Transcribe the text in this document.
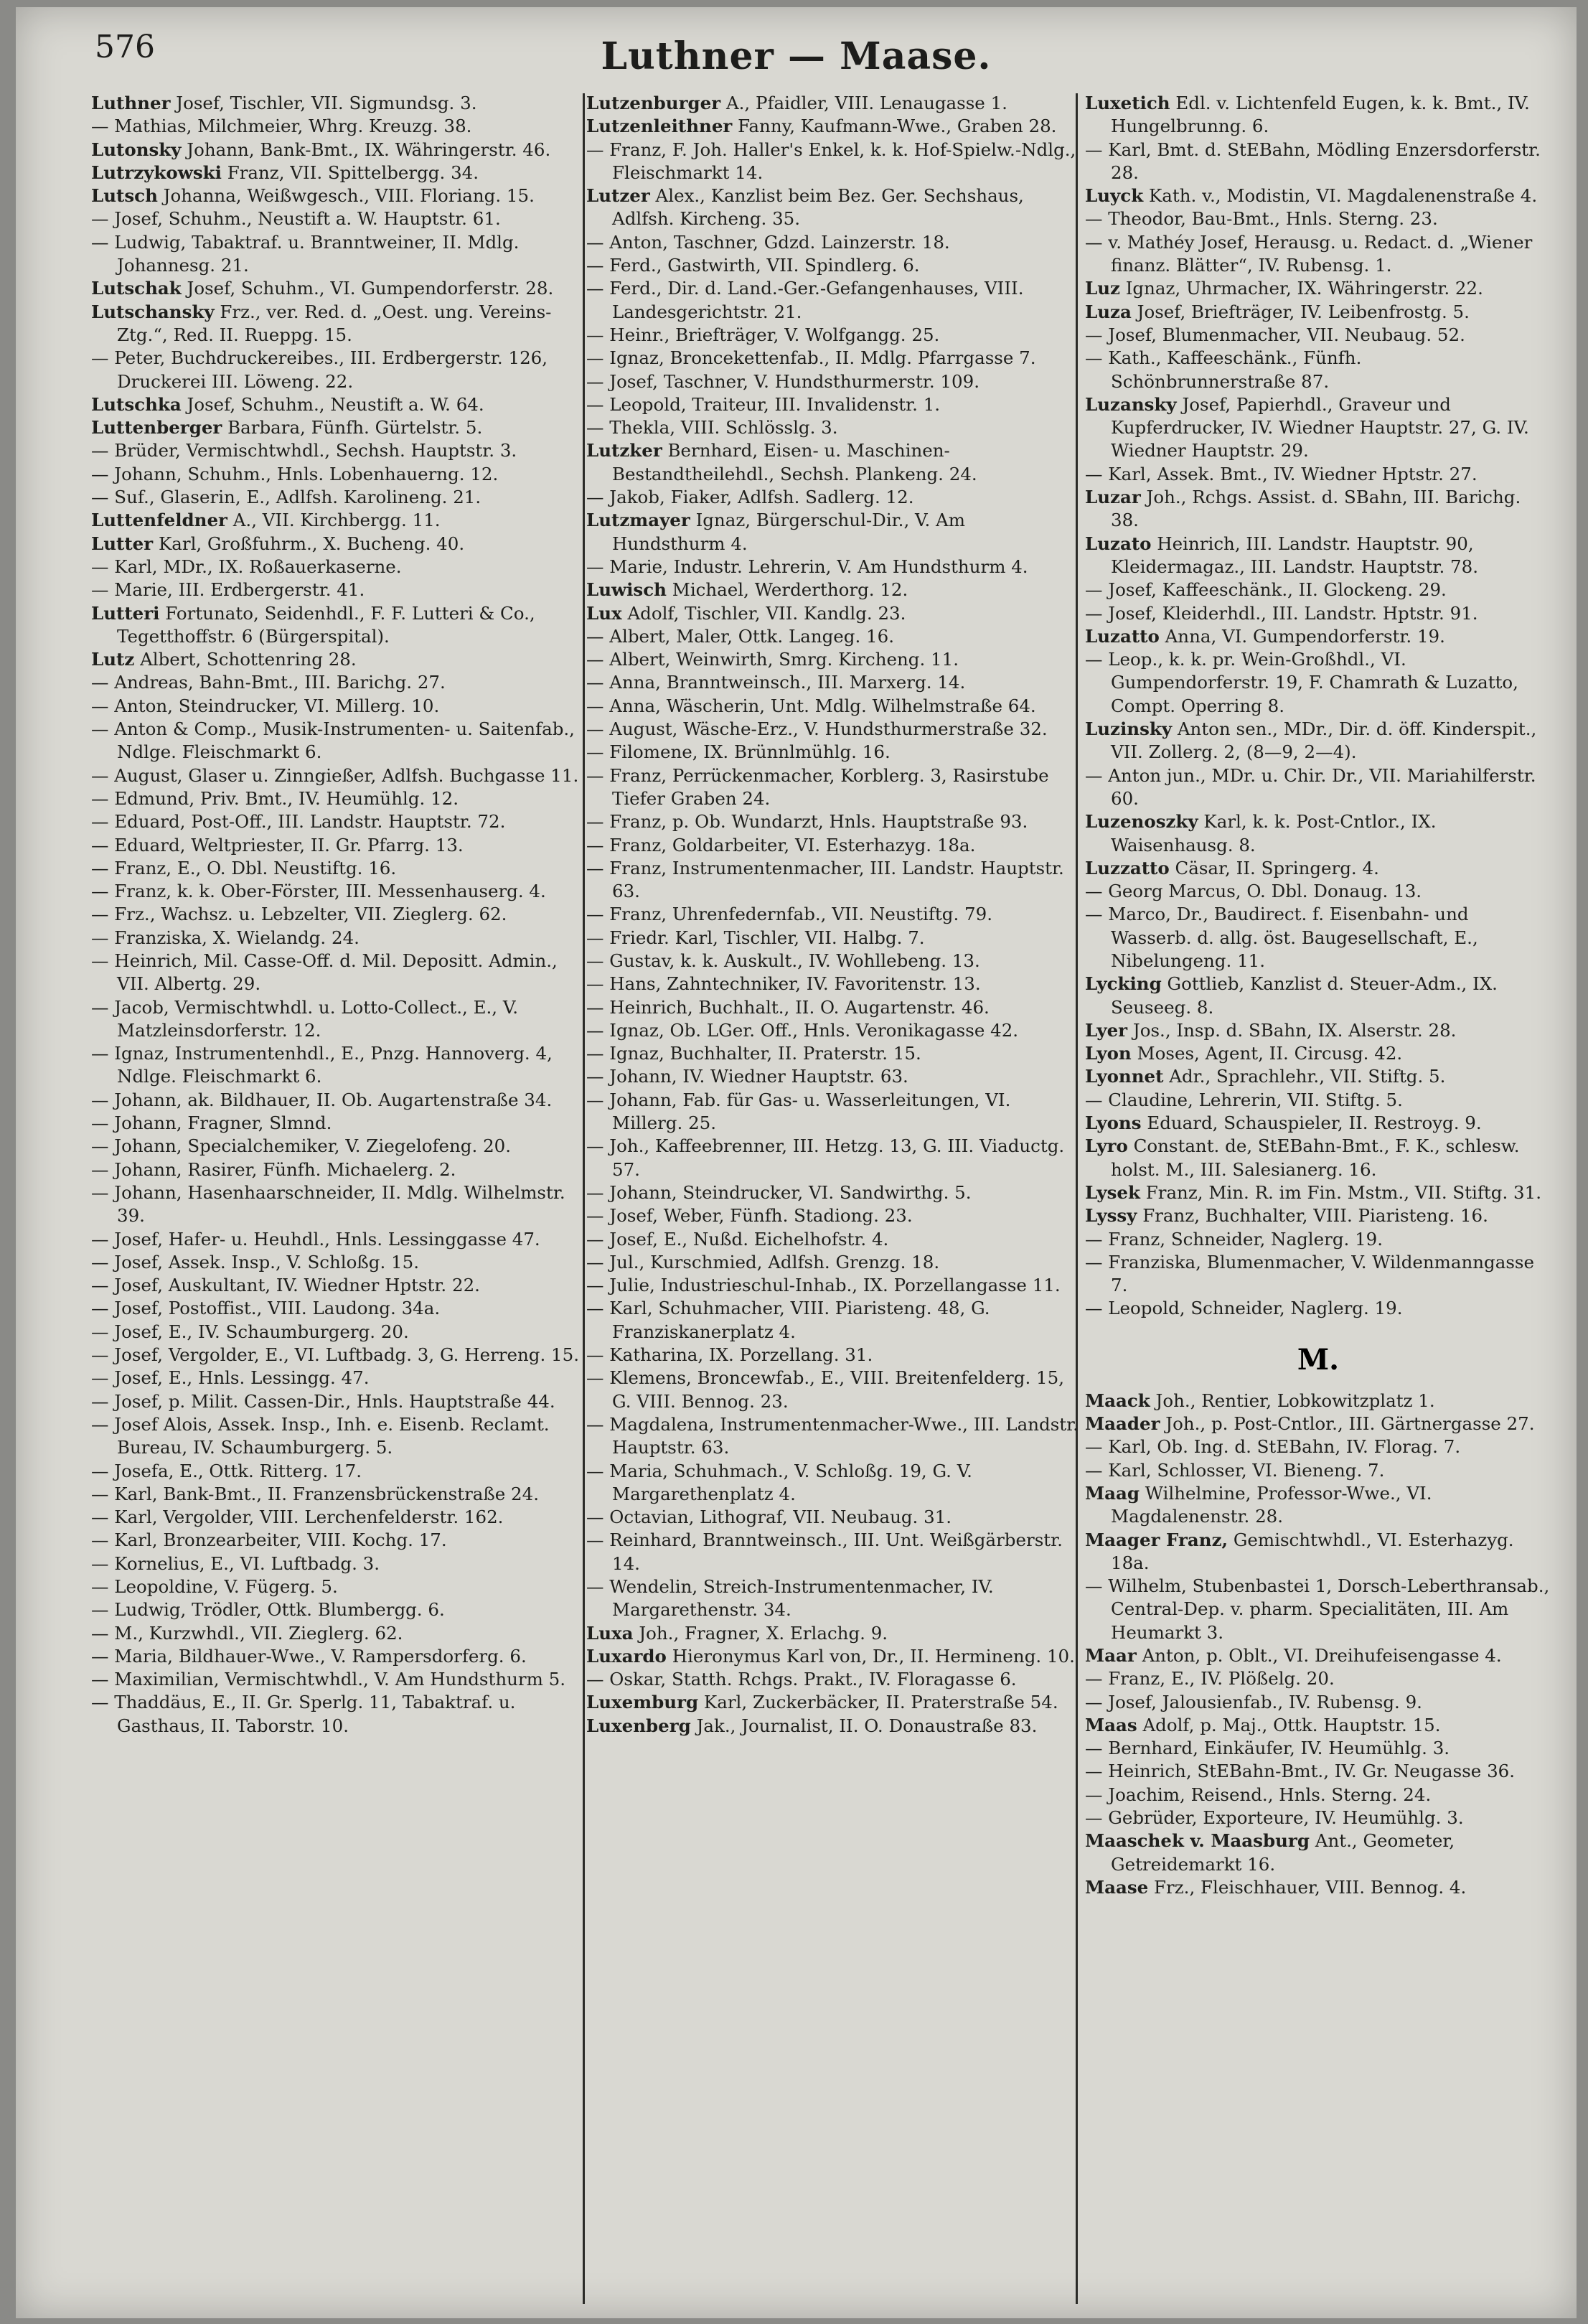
576	Luthner — Maase.
Luthner Josef, Tischler, VII. Sigmundsg. 3.
— Mathias, Milchmeier, Whrg. Kreuzg. 38.
Lutonsky Johann, Bank-Bmt., IX. Währingerstr. 46.
Lutrzykowski Franz, VII. Spittelbergg. 34.
Lutsch Johanna, Weißwgesch., VIII. Floriang. 15.
— Josef, Schuhm., Neustift a. W. Hauptstr. 61.
— Ludwig, Tabaktraf. u. Branntweiner, II. Mdlg. Johannesg. 21.
Lutschak Josef, Schuhm., VI. Gumpendorferstr. 28.
Lutschansky Frz., ver. Red. d. „Oest. ung. Vereins-Ztg.“, Red. II. Rueppg. 15.
— Peter, Buchdruckereibes., III. Erdbergerstr. 126, Druckerei III. Löweng. 22.
Lutschka Josef, Schuhm., Neustift a. W. 64.
Luttenberger Barbara, Fünfh. Gürtelstr. 5.
— Brüder, Vermischtwhdl., Sechsh. Hauptstr. 3.
— Johann, Schuhm., Hnls. Lobenhauerng. 12.
— Suf., Glaserin, E., Adlfsh. Karolineng. 21.
Luttenfeldner A., VII. Kirchbergg. 11.
Lutter Karl, Großfuhrm., X. Bucheng. 40.
— Karl, MDr., IX. Roßauerkaserne.
— Marie, III. Erdbergerstr. 41.
Lutteri Fortunato, Seidenhdl., F. F. Lutteri & Co., Tegetthoffstr. 6 (Bürgerspital).
Lutz Albert, Schottenring 28.
— Andreas, Bahn-Bmt., III. Barichg. 27.
— Anton, Steindrucker, VI. Millerg. 10.
— Anton & Comp., Musik-Instrumenten- u. Saitenfab., Ndlge. Fleischmarkt 6.
— August, Glaser u. Zinngießer, Adlfsh. Buchgasse 11.
— Edmund, Priv. Bmt., IV. Heumühlg. 12.
— Eduard, Post-Off., III. Landstr. Hauptstr. 72.
— Eduard, Weltpriester, II. Gr. Pfarrg. 13.
— Franz, E., O. Dbl. Neustiftg. 16.
— Franz, k. k. Ober-Förster, III. Messenhauserg. 4.
— Frz., Wachsz. u. Lebzelter, VII. Zieglerg. 62.
— Franziska, X. Wielandg. 24.
— Heinrich, Mil. Casse-Off. d. Mil. Depositt. Admin., VII. Albertg. 29.
— Jacob, Vermischtwhdl. u. Lotto-Collect., E., V. Matzleinsdorferstr. 12.
— Ignaz, Instrumentenhdl., E., Pnzg. Hannoverg. 4, Ndlge. Fleischmarkt 6.
— Johann, ak. Bildhauer, II. Ob. Augartenstraße 34.
— Johann, Fragner, Slmnd.
— Johann, Specialchemiker, V. Ziegelofeng. 20.
— Johann, Rasirer, Fünfh. Michaelerg. 2.
— Johann, Hasenhaarschneider, II. Mdlg. Wilhelmstr. 39.
— Josef, Hafer- u. Heuhdl., Hnls. Lessinggasse 47.
— Josef, Assek. Insp., V. Schloßg. 15.
— Josef, Auskultant, IV. Wiedner Hptstr. 22.
— Josef, Postoffist., VIII. Laudong. 34a.
— Josef, E., IV. Schaumburgerg. 20.
— Josef, Vergolder, E., VI. Luftbadg. 3, G. Herreng. 15.
— Josef, E., Hnls. Lessingg. 47.
— Josef, p. Milit. Cassen-Dir., Hnls. Hauptstraße 44.
— Josef Alois, Assek. Insp., Inh. e. Eisenb. Reclamt. Bureau, IV. Schaumburgerg. 5.
— Josefa, E., Ottk. Ritterg. 17.
— Karl, Bank-Bmt., II. Franzensbrückenstraße 24.
— Karl, Vergolder, VIII. Lerchenfelderstr. 162.
— Karl, Bronzearbeiter, VIII. Kochg. 17.
— Kornelius, E., VI. Luftbadg. 3.
— Leopoldine, V. Fügerg. 5.
— Ludwig, Trödler, Ottk. Blumbergg. 6.
— M., Kurzwhdl., VII. Zieglerg. 62.
— Maria, Bildhauer-Wwe., V. Rampersdorferg. 6.
— Maximilian, Vermischtwhdl., V. Am Hundsthurm 5.
— Thaddäus, E., II. Gr. Sperlg. 11, Tabaktraf. u. Gasthaus, II. Taborstr. 10.
Lutzenburger A., Pfaidler, VIII. Lenaugasse 1.
Lutzenleithner Fanny, Kaufmann-Wwe., Graben 28.
— Franz, F. Joh. Haller's Enkel, k. k. Hof-Spielw.-Ndlg., Fleischmarkt 14.
Lutzer Alex., Kanzlist beim Bez. Ger. Sechshaus, Adlfsh. Kircheng. 35.
— Anton, Taschner, Gdzd. Lainzerstr. 18.
— Ferd., Gastwirth, VII. Spindlerg. 6.
— Ferd., Dir. d. Land.-Ger.-Gefangenhauses, VIII. Landesgerichtstr. 21.
— Heinr., Briefträger, V. Wolfgangg. 25.
— Ignaz, Broncekettenfab., II. Mdlg. Pfarrgasse 7.
— Josef, Taschner, V. Hundsthurmerstr. 109.
— Leopold, Traiteur, III. Invalidenstr. 1.
— Thekla, VIII. Schlösslg. 3.
Lutzker Bernhard, Eisen- u. Maschinen-Bestandtheilehdl., Sechsh. Plankeng. 24.
— Jakob, Fiaker, Adlfsh. Sadlerg. 12.
Lutzmayer Ignaz, Bürgerschul-Dir., V. Am Hundsthurm 4.
— Marie, Industr. Lehrerin, V. Am Hundsthurm 4.
Luwisch Michael, Werderthorg. 12.
Lux Adolf, Tischler, VII. Kandlg. 23.
— Albert, Maler, Ottk. Langeg. 16.
— Albert, Weinwirth, Smrg. Kircheng. 11.
— Anna, Branntweinsch., III. Marxerg. 14.
— Anna, Wäscherin, Unt. Mdlg. Wilhelmstraße 64.
— August, Wäsche-Erz., V. Hundsthurmerstraße 32.
— Filomene, IX. Brünnlmühlg. 16.
— Franz, Perrückenmacher, Korblerg. 3, Rasirstube Tiefer Graben 24.
— Franz, p. Ob. Wundarzt, Hnls. Hauptstraße 93.
— Franz, Goldarbeiter, VI. Esterhazyg. 18a.
— Franz, Instrumentenmacher, III. Landstr. Hauptstr. 63.
— Franz, Uhrenfedernfab., VII. Neustiftg. 79.
— Friedr. Karl, Tischler, VII. Halbg. 7.
— Gustav, k. k. Auskult., IV. Wohllebeng. 13.
— Hans, Zahntechniker, IV. Favoritenstr. 13.
— Heinrich, Buchhalt., II. O. Augartenstr. 46.
— Ignaz, Ob. LGer. Off., Hnls. Veronikagasse 42.
— Ignaz, Buchhalter, II. Praterstr. 15.
— Johann, IV. Wiedner Hauptstr. 63.
— Johann, Fab. für Gas- u. Wasserleitungen, VI. Millerg. 25.
— Joh., Kaffeebrenner, III. Hetzg. 13, G. III. Viaductg. 57.
— Johann, Steindrucker, VI. Sandwirthg. 5.
— Josef, Weber, Fünfh. Stadiong. 23.
— Josef, E., Nußd. Eichelhofstr. 4.
— Jul., Kurschmied, Adlfsh. Grenzg. 18.
— Julie, Industrieschul-Inhab., IX. Porzellangasse 11.
— Karl, Schuhmacher, VIII. Piaristeng. 48, G. Franziskanerplatz 4.
— Katharina, IX. Porzellang. 31.
— Klemens, Broncewfab., E., VIII. Breitenfelderg. 15, G. VIII. Bennog. 23.
— Magdalena, Instrumentenmacher-Wwe., III. Landstr. Hauptstr. 63.
— Maria, Schuhmach., V. Schloßg. 19, G. V. Margarethenplatz 4.
— Octavian, Lithograf, VII. Neubaug. 31.
— Reinhard, Branntweinsch., III. Unt. Weißgärberstr. 14.
— Wendelin, Streich-Instrumentenmacher, IV. Margarethenstr. 34.
Luxa Joh., Fragner, X. Erlachg. 9.
Luxardo Hieronymus Karl von, Dr., II. Hermineng. 10.
— Oskar, Statth. Rchgs. Prakt., IV. Floragasse 6.
Luxemburg Karl, Zuckerbäcker, II. Praterstraße 54.
Luxenberg Jak., Journalist, II. O. Donaustraße 83.
Luxetich Edl. v. Lichtenfeld Eugen, k. k. Bmt., IV. Hungelbrunng. 6.
— Karl, Bmt. d. StEBahn, Mödling Enzersdorferstr. 28.
Luyck Kath. v., Modistin, VI. Magdalenenstraße 4.
— Theodor, Bau-Bmt., Hnls. Sterng. 23.
— v. Mathéy Josef, Herausg. u. Redact. d. „Wiener finanz. Blätter“, IV. Rubensg. 1.
Luz Ignaz, Uhrmacher, IX. Währingerstr. 22.
Luza Josef, Briefträger, IV. Leibenfrostg. 5.
— Josef, Blumenmacher, VII. Neubaug. 52.
— Kath., Kaffeeschänk., Fünfh. Schönbrunnerstraße 87.
Luzansky Josef, Papierhdl., Graveur und Kupferdrucker, IV. Wiedner Hauptstr. 27, G. IV. Wiedner Hauptstr. 29.
— Karl, Assek. Bmt., IV. Wiedner Hptstr. 27.
Luzar Joh., Rchgs. Assist. d. SBahn, III. Barichg. 38.
Luzato Heinrich, III. Landstr. Hauptstr. 90, Kleidermagaz., III. Landstr. Hauptstr. 78.
— Josef, Kaffeeschänk., II. Glockeng. 29.
— Josef, Kleiderhdl., III. Landstr. Hptstr. 91.
Luzatto Anna, VI. Gumpendorferstr. 19.
— Leop., k. k. pr. Wein-Großhdl., VI. Gumpendorferstr. 19, F. Chamrath & Luzatto, Compt. Operring 8.
Luzinsky Anton sen., MDr., Dir. d. öff. Kinderspit., VII. Zollerg. 2, (8—9, 2—4).
— Anton jun., MDr. u. Chir. Dr., VII. Mariahilferstr. 60.
Luzenoszky Karl, k. k. Post-Cntlor., IX. Waisenhausg. 8.
Luzzatto Cäsar, II. Springerg. 4.
— Georg Marcus, O. Dbl. Donaug. 13.
— Marco, Dr., Baudirect. f. Eisenbahn- und Wasserb. d. allg. öst. Baugesellschaft, E., Nibelungeng. 11.
Lycking Gottlieb, Kanzlist d. Steuer-Adm., IX. Seuseeg. 8.
Lyer Jos., Insp. d. SBahn, IX. Alserstr. 28.
Lyon Moses, Agent, II. Circusg. 42.
Lyonnet Adr., Sprachlehr., VII. Stiftg. 5.
— Claudine, Lehrerin, VII. Stiftg. 5.
Lyons Eduard, Schauspieler, II. Restroyg. 9.
Lyro Constant. de, StEBahn-Bmt., F. K., schlesw. holst. M., III. Salesianerg. 16.
Lysek Franz, Min. R. im Fin. Mstm., VII. Stiftg. 31.
Lyssy Franz, Buchhalter, VIII. Piaristeng. 16.
— Franz, Schneider, Naglerg. 19.
— Franziska, Blumenmacher, V. Wildenmanngasse 7.
— Leopold, Schneider, Naglerg. 19.
M.
Maack Joh., Rentier, Lobkowitzplatz 1.
Maader Joh., p. Post-Cntlor., III. Gärtnergasse 27.
— Karl, Ob. Ing. d. StEBahn, IV. Florag. 7.
— Karl, Schlosser, VI. Bieneng. 7.
Maag Wilhelmine, Professor-Wwe., VI. Magdalenenstr. 28.
Maager Franz, Gemischtwhdl., VI. Esterhazyg. 18a.
— Wilhelm, Stubenbastei 1, Dorsch-Leberthransab., Central-Dep. v. pharm. Specialitäten, III. Am Heumarkt 3.
Maar Anton, p. Oblt., VI. Dreihufeisengasse 4.
— Franz, E., IV. Plößelg. 20.
— Josef, Jalousienfab., IV. Rubensg. 9.
Maas Adolf, p. Maj., Ottk. Hauptstr. 15.
— Bernhard, Einkäufer, IV. Heumühlg. 3.
— Heinrich, StEBahn-Bmt., IV. Gr. Neugasse 36.
— Joachim, Reisend., Hnls. Sterng. 24.
— Gebrüder, Exporteure, IV. Heumühlg. 3.
Maaschek v. Maasburg Ant., Geometer, Getreidemarkt 16.
Maase Frz., Fleischhauer, VIII. Bennog. 4.
